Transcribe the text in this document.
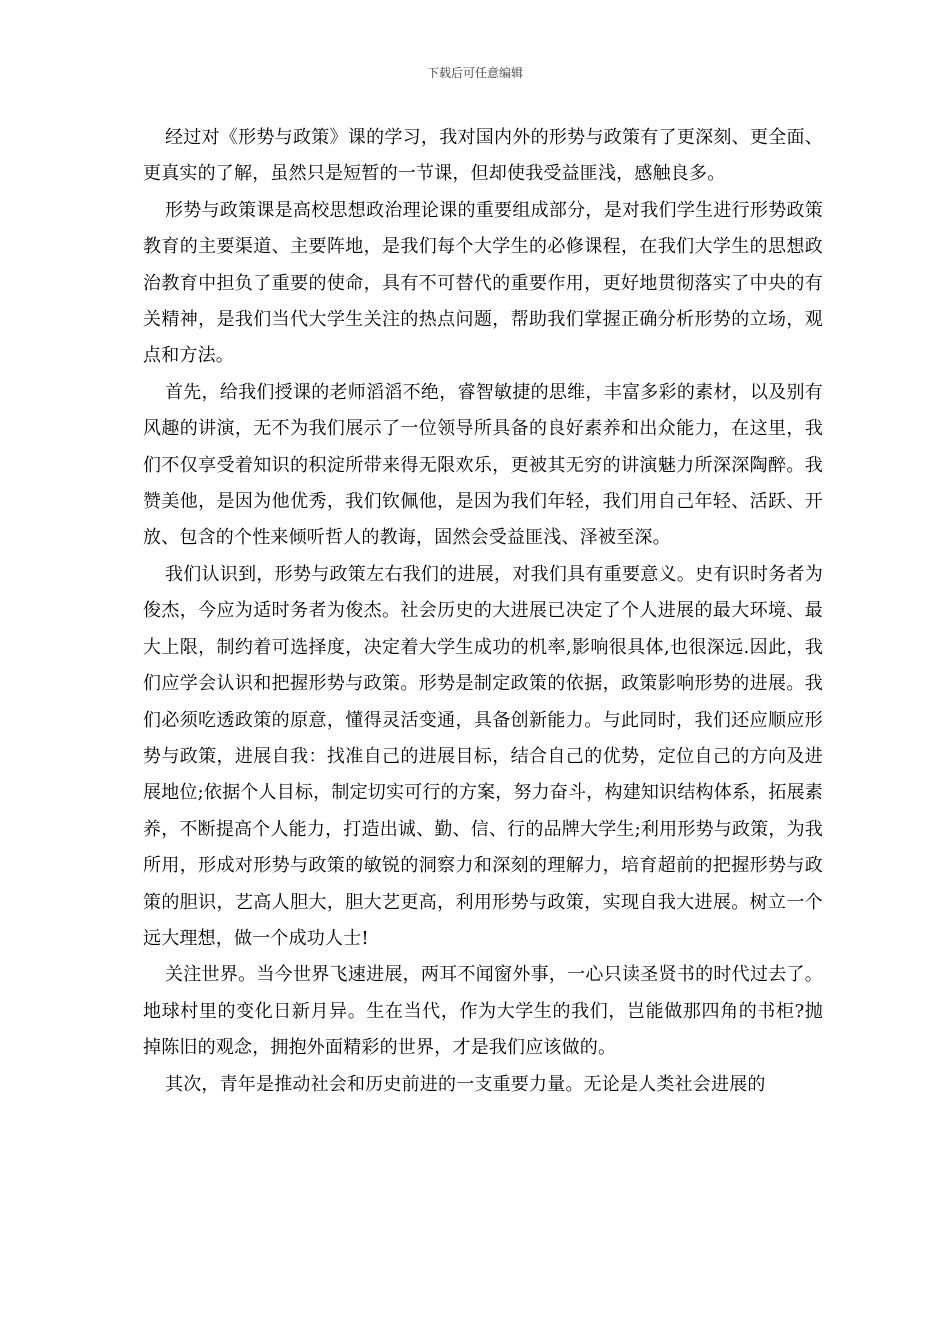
下载后可任意编辑

经过对《形势与政策》课的学习，我对国内外的形势与政策有了更深刻、更全面、更真实的了解，虽然只是短暂的一节课，但却使我受益匪浅，感触良多。

形势与政策课是高校思想政治理论课的重要组成部分，是对我们学生进行形势政策教育的主要渠道、主要阵地，是我们每个大学生的必修课程，在我们大学生的思想政治教育中担负了重要的使命，具有不可替代的重要作用，更好地贯彻落实了中央的有关精神，是我们当代大学生关注的热点问题，帮助我们掌握正确分析形势的立场，观点和方法。

首先，给我们授课的老师滔滔不绝，睿智敏捷的思维，丰富多彩的素材，以及别有风趣的讲演，无不为我们展示了一位领导所具备的良好素养和出众能力，在这里，我们不仅享受着知识的积淀所带来得无限欢乐，更被其无穷的讲演魅力所深深陶醉。我赞美他，是因为他优秀，我们钦佩他，是因为我们年轻，我们用自己年轻、活跃、开放、包含的个性来倾听哲人的教诲，固然会受益匪浅、泽被至深。

我们认识到，形势与政策左右我们的进展，对我们具有重要意义。史有识时务者为俊杰，今应为适时务者为俊杰。社会历史的大进展已决定了个人进展的最大环境、最大上限，制约着可选择度，决定着大学生成功的机率,影响很具体,也很深远.因此，我们应学会认识和把握形势与政策。形势是制定政策的依据，政策影响形势的进展。我们必须吃透政策的原意，懂得灵活变通，具备创新能力。与此同时，我们还应顺应形势与政策，进展自我：找准自己的进展目标，结合自己的优势，定位自己的方向及进展地位;依据个人目标，制定切实可行的方案，努力奋斗，构建知识结构体系，拓展素养，不断提高个人能力，打造出诚、勤、信、行的品牌大学生;利用形势与政策，为我所用，形成对形势与政策的敏锐的洞察力和深刻的理解力，培育超前的把握形势与政策的胆识，艺高人胆大，胆大艺更高，利用形势与政策，实现自我大进展。树立一个远大理想，做一个成功人士!

关注世界。当今世界飞速进展，两耳不闻窗外事，一心只读圣贤书的时代过去了。地球村里的变化日新月异。生在当代，作为大学生的我们，岂能做那四角的书柜?抛掉陈旧的观念，拥抱外面精彩的世界，才是我们应该做的。

其次，青年是推动社会和历史前进的一支重要力量。无论是人类社会进展的
